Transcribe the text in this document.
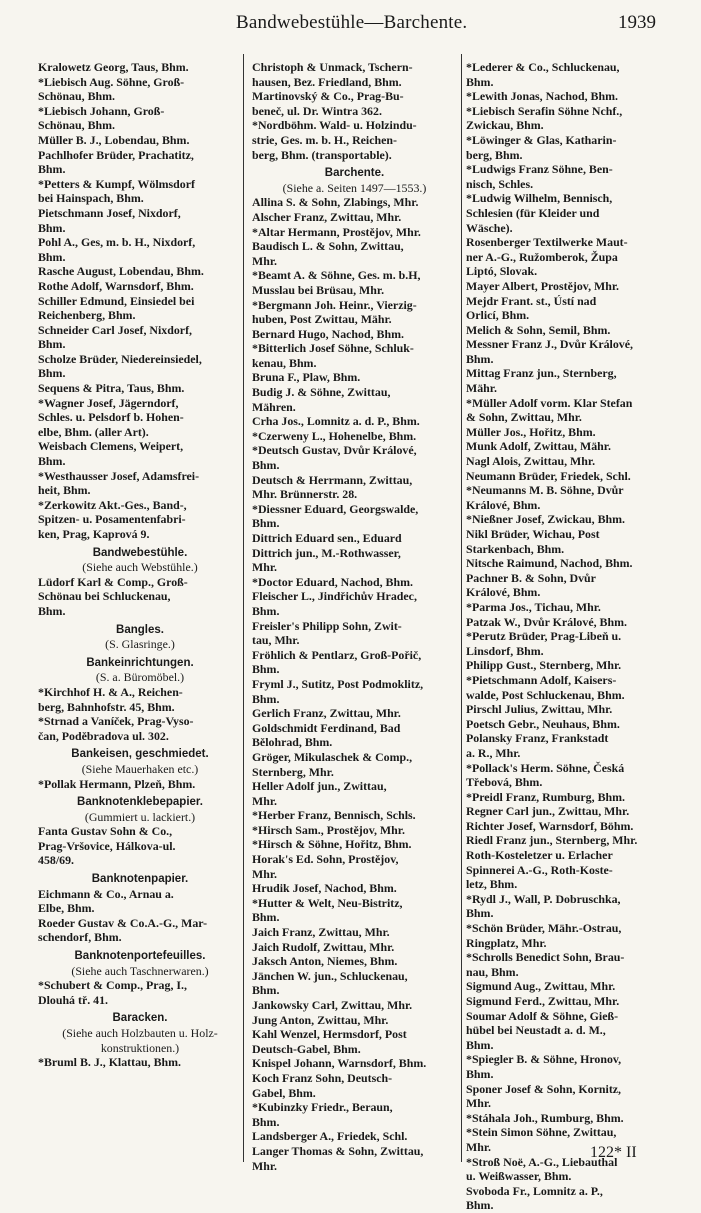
Bandwebestühle—Barchente.	1939

Kralowetz Georg, Taus, Bhm.

*Liebisch Aug. Söhne, Groß-

Schönau, Bhm.

*Liebisch Johann, Groß-

Schönau, Bhm.

Müller B. J., Lobendau, Bhm.

Pachlhofer Brüder, Prachatitz,

Bhm.

*Petters & Kumpf, Wölmsdorf

bei Hainspach, Bhm.

Pietschmann Josef, Nixdorf,

Bhm.

Pohl A., Ges, m. b. H., Nixdorf,

Bhm.

Rasche August, Lobendau, Bhm.

Rothe Adolf, Warnsdorf, Bhm.

Schiller Edmund, Einsiedel bei

Reichenberg, Bhm.

Schneider Carl Josef, Nixdorf,

Bhm.

Scholze Brüder, Niedereinsiedel,

Bhm.

Sequens & Pitra, Taus, Bhm.

*Wagner Josef, Jägerndorf,

Schles. u. Pelsdorf b. Hohen-

elbe, Bhm. (aller Art).

Weisbach Clemens, Weipert,

Bhm.

*Westhausser Josef, Adamsfrei-

heit, Bhm.

*Zerkowitz Akt.-Ges., Band-,

Spitzen- u. Posamentenfabri-

ken, Prag, Kaprová 9.

Bandwebestühle.

(Siehe auch Webstühle.)

Lüdorf Karl & Comp., Groß-

Schönau bei Schluckenau,

Bhm.

Bangles.

(S. Glasringe.)

Bankeinrichtungen.

(S. a. Büromöbel.)

*Kirchhof H. & A., Reichen-

berg, Bahnhofstr. 45, Bhm.

*Strnad a Vaníček, Prag-Vyso-

čan, Poděbradova ul. 302.

Bankeisen, geschmiedet.

(Siehe Mauerhaken etc.)

*Pollak Hermann, Plzeň, Bhm.

Banknotenklebepapier.

(Gummiert u. lackiert.)

Fanta Gustav Sohn & Co.,

Prag-Vršovice, Hálkova-ul.

458/69.

Banknotenpapier.

Eichmann & Co., Arnau a.

Elbe, Bhm.

Roeder Gustav & Co.A.-G., Mar-

schendorf, Bhm.

Banknotenportefeuilles.

(Siehe auch Taschnerwaren.)

*Schubert & Comp., Prag, I.,

Dlouhá tř. 41.

Baracken.

(Siehe auch Holzbauten u. Holz-

konstruktionen.)

*Bruml B. J., Klattau, Bhm.

Christoph & Unmack, Tschern-

hausen, Bez. Friedland, Bhm.

Martinovský & Co., Prag-Bu-

beneč, ul. Dr. Wintra 362.

*Nordböhm. Wald- u. Holzindu-

strie, Ges. m. b. H., Reichen-

berg, Bhm. (transportable).

Barchente.

(Siehe a. Seiten 1497—1553.)

Allina S. & Sohn, Zlabings, Mhr.

Alscher Franz, Zwittau, Mhr.

*Altar Hermann, Prostějov, Mhr.

Baudisch L. & Sohn, Zwittau,

Mhr.

*Beamt A. & Söhne, Ges. m. b.H,

Musslau bei Brüsau, Mhr.

*Bergmann Joh. Heinr., Vierzig-

huben, Post Zwittau, Mähr.

Bernard Hugo, Nachod, Bhm.

*Bitterlich Josef Söhne, Schluk-

kenau, Bhm.

Bruna F., Plaw, Bhm.

Budig J. & Söhne, Zwittau,

Mähren.

Crha Jos., Lomnitz a. d. P., Bhm.

*Czerweny L., Hohenelbe, Bhm.

*Deutsch Gustav, Dvůr Králové,

Bhm.

Deutsch & Herrmann, Zwittau,

Mhr. Brünnerstr. 28.

*Diessner Eduard, Georgswalde,

Bhm.

Dittrich Eduard sen., Eduard

Dittrich jun., M.-Rothwasser,

Mhr.

*Doctor Eduard, Nachod, Bhm.

Fleischer L., Jindřichův Hradec,

Bhm.

Freisler's Philipp Sohn, Zwit-

tau, Mhr.

Fröhlich & Pentlarz, Groß-Pořič,

Bhm.

Fryml J., Sutitz, Post Podmoklitz,

Bhm.

Gerlich Franz, Zwittau, Mhr.

Goldschmidt Ferdinand, Bad

Bělohrad, Bhm.

Gröger, Mikulaschek & Comp.,

Sternberg, Mhr.

Heller Adolf jun., Zwittau,

Mhr.

*Herber Franz, Bennisch, Schls.

*Hirsch Sam., Prostějov, Mhr.

*Hirsch & Söhne, Hořitz, Bhm.

Horak's Ed. Sohn, Prostějov,

Mhr.

Hrudik Josef, Nachod, Bhm.

*Hutter & Welt, Neu-Bistritz,

Bhm.

Jaich Franz, Zwittau, Mhr.

Jaich Rudolf, Zwittau, Mhr.

Jaksch Anton, Niemes, Bhm.

Jänchen W. jun., Schluckenau,

Bhm.

Jankowsky Carl, Zwittau, Mhr.

Jung Anton, Zwittau, Mhr.

Kahl Wenzel, Hermsdorf, Post

Deutsch-Gabel, Bhm.

Knispel Johann, Warnsdorf, Bhm.

Koch Franz Sohn, Deutsch-

Gabel, Bhm.

*Kubinzky Friedr., Beraun,

Bhm.

Landsberger A., Friedek, Schl.

Langer Thomas & Sohn, Zwittau,

Mhr.

*Lederer & Co., Schluckenau,

Bhm.

*Lewith Jonas, Nachod, Bhm.

*Liebisch Serafin Söhne Nchf.,

Zwickau, Bhm.

*Löwinger & Glas, Katharin-

berg, Bhm.

*Ludwigs Franz Söhne, Ben-

nisch, Schles.

*Ludwig Wilhelm, Bennisch,

Schlesien (für Kleider und

Wäsche).

Rosenberger Textilwerke Maut-

ner A.-G., Ružomberok, Župa

Liptó, Slovak.

Mayer Albert, Prostějov, Mhr.

Mejdr Frant. st., Ústí nad

Orlicí, Bhm.

Melich & Sohn, Semil, Bhm.

Messner Franz J., Dvůr Králové,

Bhm.

Mittag Franz jun., Sternberg,

Mähr.

*Müller Adolf vorm. Klar Stefan

& Sohn, Zwittau, Mhr.

Müller Jos., Hořitz, Bhm.

Munk Adolf, Zwittau, Mähr.

Nagl Alois, Zwittau, Mhr.

Neumann Brüder, Friedek, Schl.

*Neumanns M. B. Söhne, Dvůr

Králové, Bhm.

*Nießner Josef, Zwickau, Bhm.

Nikl Brüder, Wichau, Post

Starkenbach, Bhm.

Nitsche Raimund, Nachod, Bhm.

Pachner B. & Sohn, Dvůr

Králové, Bhm.

*Parma Jos., Tichau, Mhr.

Patzak W., Dvůr Králové, Bhm.

*Perutz Brüder, Prag-Libeň u.

Linsdorf, Bhm.

Philipp Gust., Sternberg, Mhr.

*Pietschmann Adolf, Kaisers-

walde, Post Schluckenau, Bhm.

Pirschl Julius, Zwittau, Mhr.

Poetsch Gebr., Neuhaus, Bhm.

Polansky Franz, Frankstadt

a. R., Mhr.

*Pollack's Herm. Söhne, Česká

Třebová, Bhm.

*Preidl Franz, Rumburg, Bhm.

Regner Carl jun., Zwittau, Mhr.

Richter Josef, Warnsdorf, Böhm.

Riedl Franz jun., Sternberg, Mhr.

Roth-Kosteletzer u. Erlacher

Spinnerei A.-G., Roth-Koste-

letz, Bhm.

*Rydl J., Wall, P. Dobruschka,

Bhm.

*Schön Brüder, Mähr.-Ostrau,

Ringplatz, Mhr.

*Schrolls Benedict Sohn, Brau-

nau, Bhm.

Sigmund Aug., Zwittau, Mhr.

Sigmund Ferd., Zwittau, Mhr.

Soumar Adolf & Söhne, Gieß-

hübel bei Neustadt a. d. M.,

Bhm.

*Spiegler B. & Söhne, Hronov,

Bhm.

Sponer Josef & Sohn, Kornitz,

Mhr.

*Stáhala Joh., Rumburg, Bhm.

*Stein Simon Söhne, Zwittau,

Mhr.

*Stroß Noë, A.-G., Liebauthal

u. Weißwasser, Bhm.

Svoboda Fr., Lomnitz a. P.,

Bhm.

122* II
